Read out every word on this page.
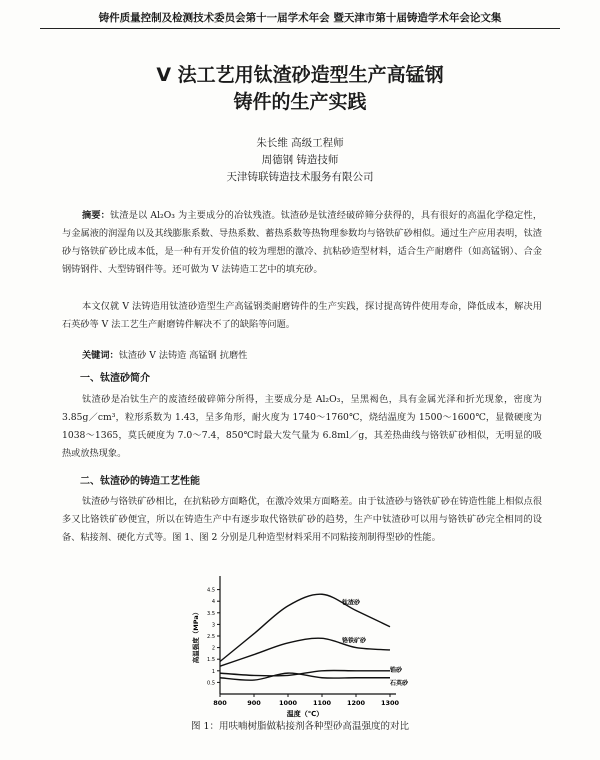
铸件质量控制及检测技术委员会第十一届学术年会 暨天津市第十届铸造学术年会论文集
V 法工艺用钛渣砂造型生产高锰钢
铸件的生产实践
朱长维 高级工程师
周德钢 铸造技师
天津铸联铸造技术服务有限公司
摘要：钛渣是以 Al₂O₃ 为主要成分的冶钛残渣。钛渣砂是钛渣经破碎筛分获得的，具有很好的高温化学稳定性，与金属液的润湿角以及其线膨胀系数、导热系数、蓄热系数等热物理参数均与铬铁矿砂相似。通过生产应用表明，钛渣砂与铬铁矿砂比成本低，是一种有开发价值的较为理想的激冷、抗粘砂造型材料，适合生产耐磨件（如高锰钢）、合金钢铸钢件、大型铸钢件等。还可做为 V 法铸造工艺中的填充砂。
本文仅就 V 法铸造用钛渣砂造型生产高锰钢类耐磨铸件的生产实践，探讨提高铸件使用寿命，降低成本，解决用石英砂等 V 法工艺生产耐磨铸件解决不了的缺陷等问题。
关键词：钛渣砂 V 法铸造 高锰钢 抗磨性
一、钛渣砂简介
钛渣砂是冶钛生产的废渣经破碎筛分所得，主要成分是 Al₂O₃，呈黑褐色，具有金属光泽和折光现象，密度为 3.85g／cm³，粒形系数为 1.43，呈多角形，耐火度为 1740～1760℃，烧结温度为 1500～1600℃，显微硬度为 1038～1365，莫氏硬度为 7.0～7.4，850℃时最大发气量为 6.8ml／g，其差热曲线与铬铁矿砂相似，无明显的吸热或放热现象。
二、钛渣砂的铸造工艺性能
钛渣砂与铬铁矿砂相比，在抗粘砂方面略优，在激冷效果方面略差。由于钛渣砂与铬铁矿砂在铸造性能上相似点很多又比铬铁矿砂便宜，所以在铸造生产中有逐步取代铬铁矿砂的趋势，生产中钛渣砂可以用与铬铁矿砂完全相同的设备、粘接剂、硬化方式等。图 1、图 2 分别是几种造型材料采用不同粘接剂制得型砂的性能。
800	900	1000 1100 1200 1300
0.5
1
1.5
2
2.5
3
3.5
4
4.5
温度（℃）
高温强度（MPa）
钛渣砂
铬铁矿砂
锆砂
石英砂
图 1：用呋喃树脂做粘接剂各种型砂高温强度的对比
